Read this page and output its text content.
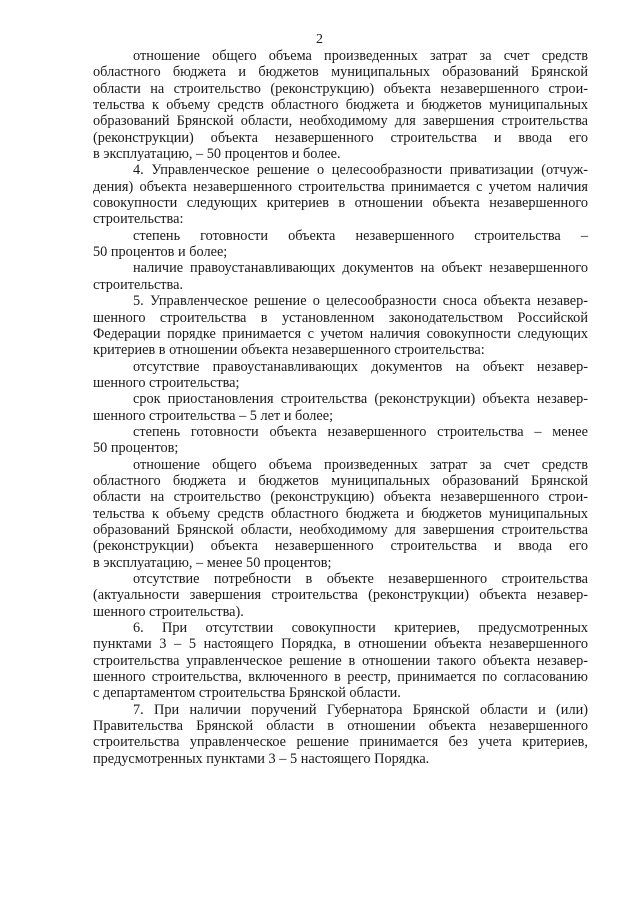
2
отношение общего объема произведенных затрат за счет средств
областного бюджета и бюджетов муниципальных образований Брянской
области на строительство (реконструкцию) объекта незавершенного строи-
тельства к объему средств областного бюджета и бюджетов муниципальных
образований Брянской области, необходимому для завершения строительства
(реконструкции) объекта незавершенного строительства и ввода его
в эксплуатацию, – 50 процентов и более.
4. Управленческое решение о целесообразности приватизации (отчуж-
дения) объекта незавершенного строительства принимается с учетом наличия
совокупности следующих критериев в отношении объекта незавершенного
строительства:
степень готовности объекта незавершенного строительства –
50 процентов и более;
наличие правоустанавливающих документов на объект незавершенного
строительства.
5. Управленческое решение о целесообразности сноса объекта незавер-
шенного строительства в установленном законодательством Российской
Федерации порядке принимается с учетом наличия совокупности следующих
критериев в отношении объекта незавершенного строительства:
отсутствие правоустанавливающих документов на объект незавер-
шенного строительства;
срок приостановления строительства (реконструкции) объекта незавер-
шенного строительства – 5 лет и более;
степень готовности объекта незавершенного строительства – менее
50 процентов;
отношение общего объема произведенных затрат за счет средств
областного бюджета и бюджетов муниципальных образований Брянской
области на строительство (реконструкцию) объекта незавершенного строи-
тельства к объему средств областного бюджета и бюджетов муниципальных
образований Брянской области, необходимому для завершения строительства
(реконструкции) объекта незавершенного строительства и ввода его
в эксплуатацию, – менее 50 процентов;
отсутствие потребности в объекте незавершенного строительства
(актуальности завершения строительства (реконструкции) объекта незавер-
шенного строительства).
6. При отсутствии совокупности критериев, предусмотренных
пунктами 3 – 5 настоящего Порядка, в отношении объекта незавершенного
строительства управленческое решение в отношении такого объекта незавер-
шенного строительства, включенного в реестр, принимается по согласованию
с департаментом строительства Брянской области.
7. При наличии поручений Губернатора Брянской области и (или)
Правительства Брянской области в отношении объекта незавершенного
строительства управленческое решение принимается без учета критериев,
предусмотренных пунктами 3 – 5 настоящего Порядка.
